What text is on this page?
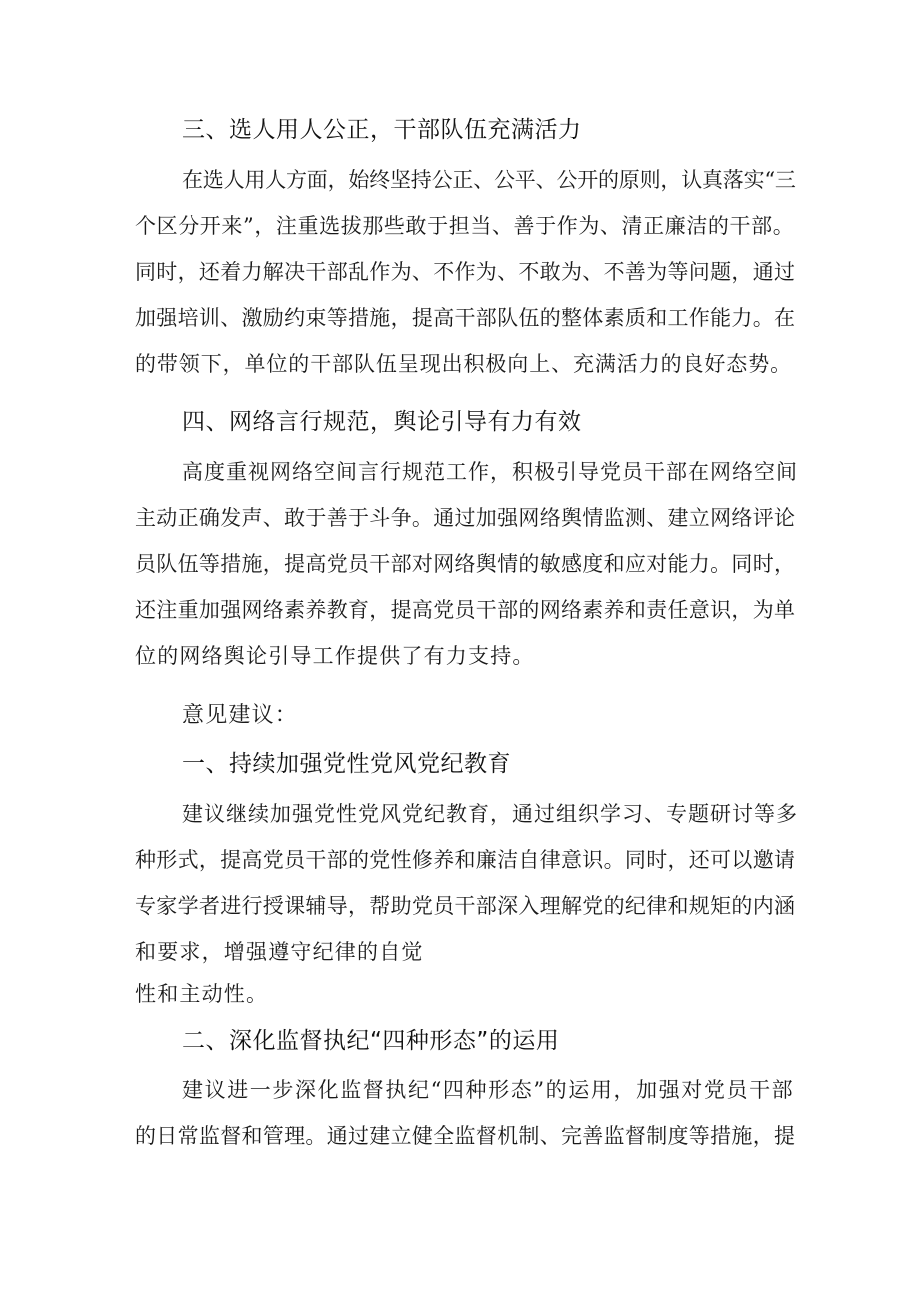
三、选人用人公正，干部队伍充满活力
在选人用人方面，始终坚持公正、公平、公开的原则，认真落实“三
个区分开来”，注重选拔那些敢于担当、善于作为、清正廉洁的干部。
同时，还着力解决干部乱作为、不作为、不敢为、不善为等问题，通过
加强培训、激励约束等措施，提高干部队伍的整体素质和工作能力。在
的带领下，单位的干部队伍呈现出积极向上、充满活力的良好态势。
四、网络言行规范，舆论引导有力有效
高度重视网络空间言行规范工作，积极引导党员干部在网络空间
主动正确发声、敢于善于斗争。通过加强网络舆情监测、建立网络评论
员队伍等措施，提高党员干部对网络舆情的敏感度和应对能力。同时，
还注重加强网络素养教育，提高党员干部的网络素养和责任意识，为单
位的网络舆论引导工作提供了有力支持。
意见建议：
一、持续加强党性党风党纪教育
建议继续加强党性党风党纪教育，通过组织学习、专题研讨等多
种形式，提高党员干部的党性修养和廉洁自律意识。同时，还可以邀请
专家学者进行授课辅导，帮助党员干部深入理解党的纪律和规矩的内涵
和要求，增强遵守纪律的自觉
性和主动性。
二、深化监督执纪“四种形态”的运用
建议进一步深化监督执纪“四种形态”的运用，加强对党员干部
的日常监督和管理。通过建立健全监督机制、完善监督制度等措施，提
